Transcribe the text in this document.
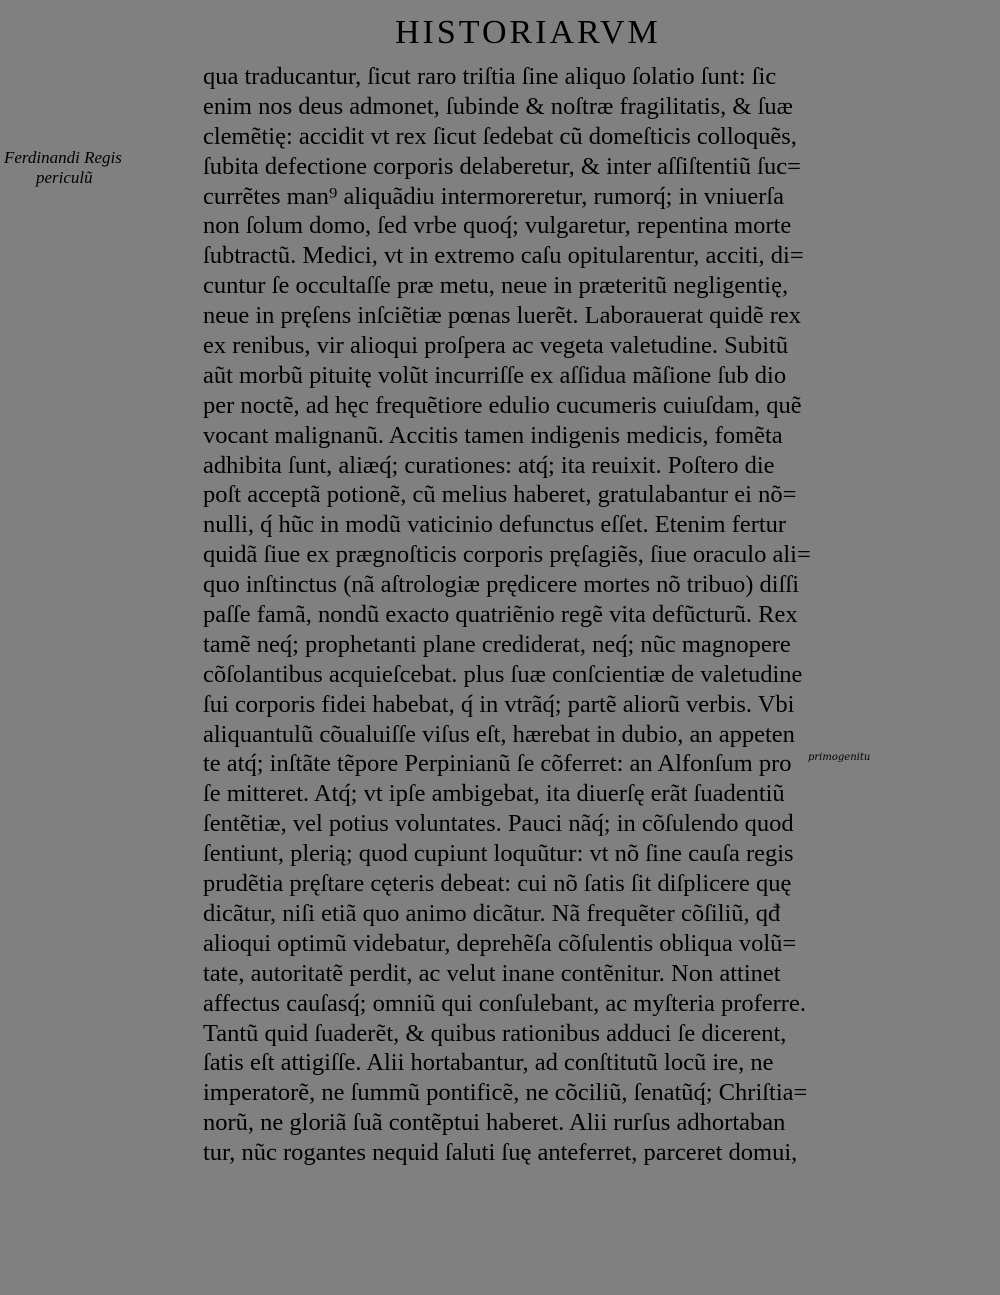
HISTORIARVM
Ferdinandi Regis
periculũ
primogenitu
qua traducantur, ſicut raro triſtia ſine aliquo ſolatio ſunt: ſic
enim nos deus admonet, ſubinde & noſtræ fragilitatis, & ſuæ
clemẽtię: accidit vt rex ſicut ſedebat cũ domeſticis colloquẽs,
ſubita defectione corporis delaberetur, & inter aſſiſtentiũ ſuc=
currẽtes man⁹ aliquãdiu intermoreretur, rumorq́; in vniuerſa
non ſolum domo, ſed vrbe quoq́; vulgaretur, repentina morte
ſubtractũ. Medici, vt in extremo caſu opitularentur, acciti, di=
cuntur ſe occultaſſe præ metu, neue in præteritũ negligentię,
neue in pręſens inſciẽtiæ pœnas luerẽt. Laborauerat quidẽ rex
ex renibus, vir alioqui proſpera ac vegeta valetudine. Subitũ
aũt morbũ pituitę volũt incurriſſe ex aſſidua mãſione ſub dio
per noctẽ, ad hęc frequẽtiore edulio cucumeris cuiuſdam, quẽ
vocant malignanũ. Accitis tamen indigenis medicis, fomẽta
adhibita ſunt, aliæq́; curationes: atq́; ita reuixit. Poſtero die
poſt acceptã potionẽ, cũ melius haberet, gratulabantur ei nõ=
nulli, q́ hũc in modũ vaticinio defunctus eſſet. Etenim fertur
quidã ſiue ex prægnoſticis corporis pręſagiẽs, ſiue oraculo ali=
quo inſtinctus (nã aſtrologiæ prędicere mortes nõ tribuo) diſſi
paſſe famã, nondũ exacto quatriẽnio regẽ vita defũcturũ. Rex
tamẽ neq́; prophetanti plane crediderat, neq́; nũc magnopere
cõſolantibus acquieſcebat. plus ſuæ conſcientiæ de valetudine
ſui corporis fidei habebat, q́ in vtrãq́; partẽ aliorũ verbis. Vbi
aliquantulũ cõualuiſſe viſus eſt, hærebat in dubio, an appeten
te atq́; inſtãte tẽpore Perpinianũ ſe cõferret: an Alfonſum pro
ſe mitteret. Atq́; vt ipſe ambigebat, ita diuerſę erãt ſuadentiũ
ſentẽtiæ, vel potius voluntates. Pauci nãq́; in cõſulendo quod
ſentiunt, plerią; quod cupiunt loquũtur: vt nõ ſine cauſa regis
prudẽtia pręſtare cęteris debeat: cui nõ ſatis ſit diſplicere quę
dicãtur, niſi etiã quo animo dicãtur. Nã frequẽter cõſiliũ, qđ
alioqui optimũ videbatur, deprehẽſa cõſulentis obliqua volũ=
tate, autoritatẽ perdit, ac velut inane contẽnitur. Non attinet
affectus cauſasq́; omniũ qui conſulebant, ac myſteria proferre.
Tantũ quid ſuaderẽt, & quibus rationibus adduci ſe dicerent,
ſatis eſt attigiſſe. Alii hortabantur, ad conſtitutũ locũ ire, ne
imperatorẽ, ne ſummũ pontificẽ, ne cõciliũ, ſenatũq́; Chriſtia=
norũ, ne gloriã ſuã contẽptui haberet. Alii rurſus adhortaban
tur, nũc rogantes nequid ſaluti ſuę anteferret, parceret domui,
